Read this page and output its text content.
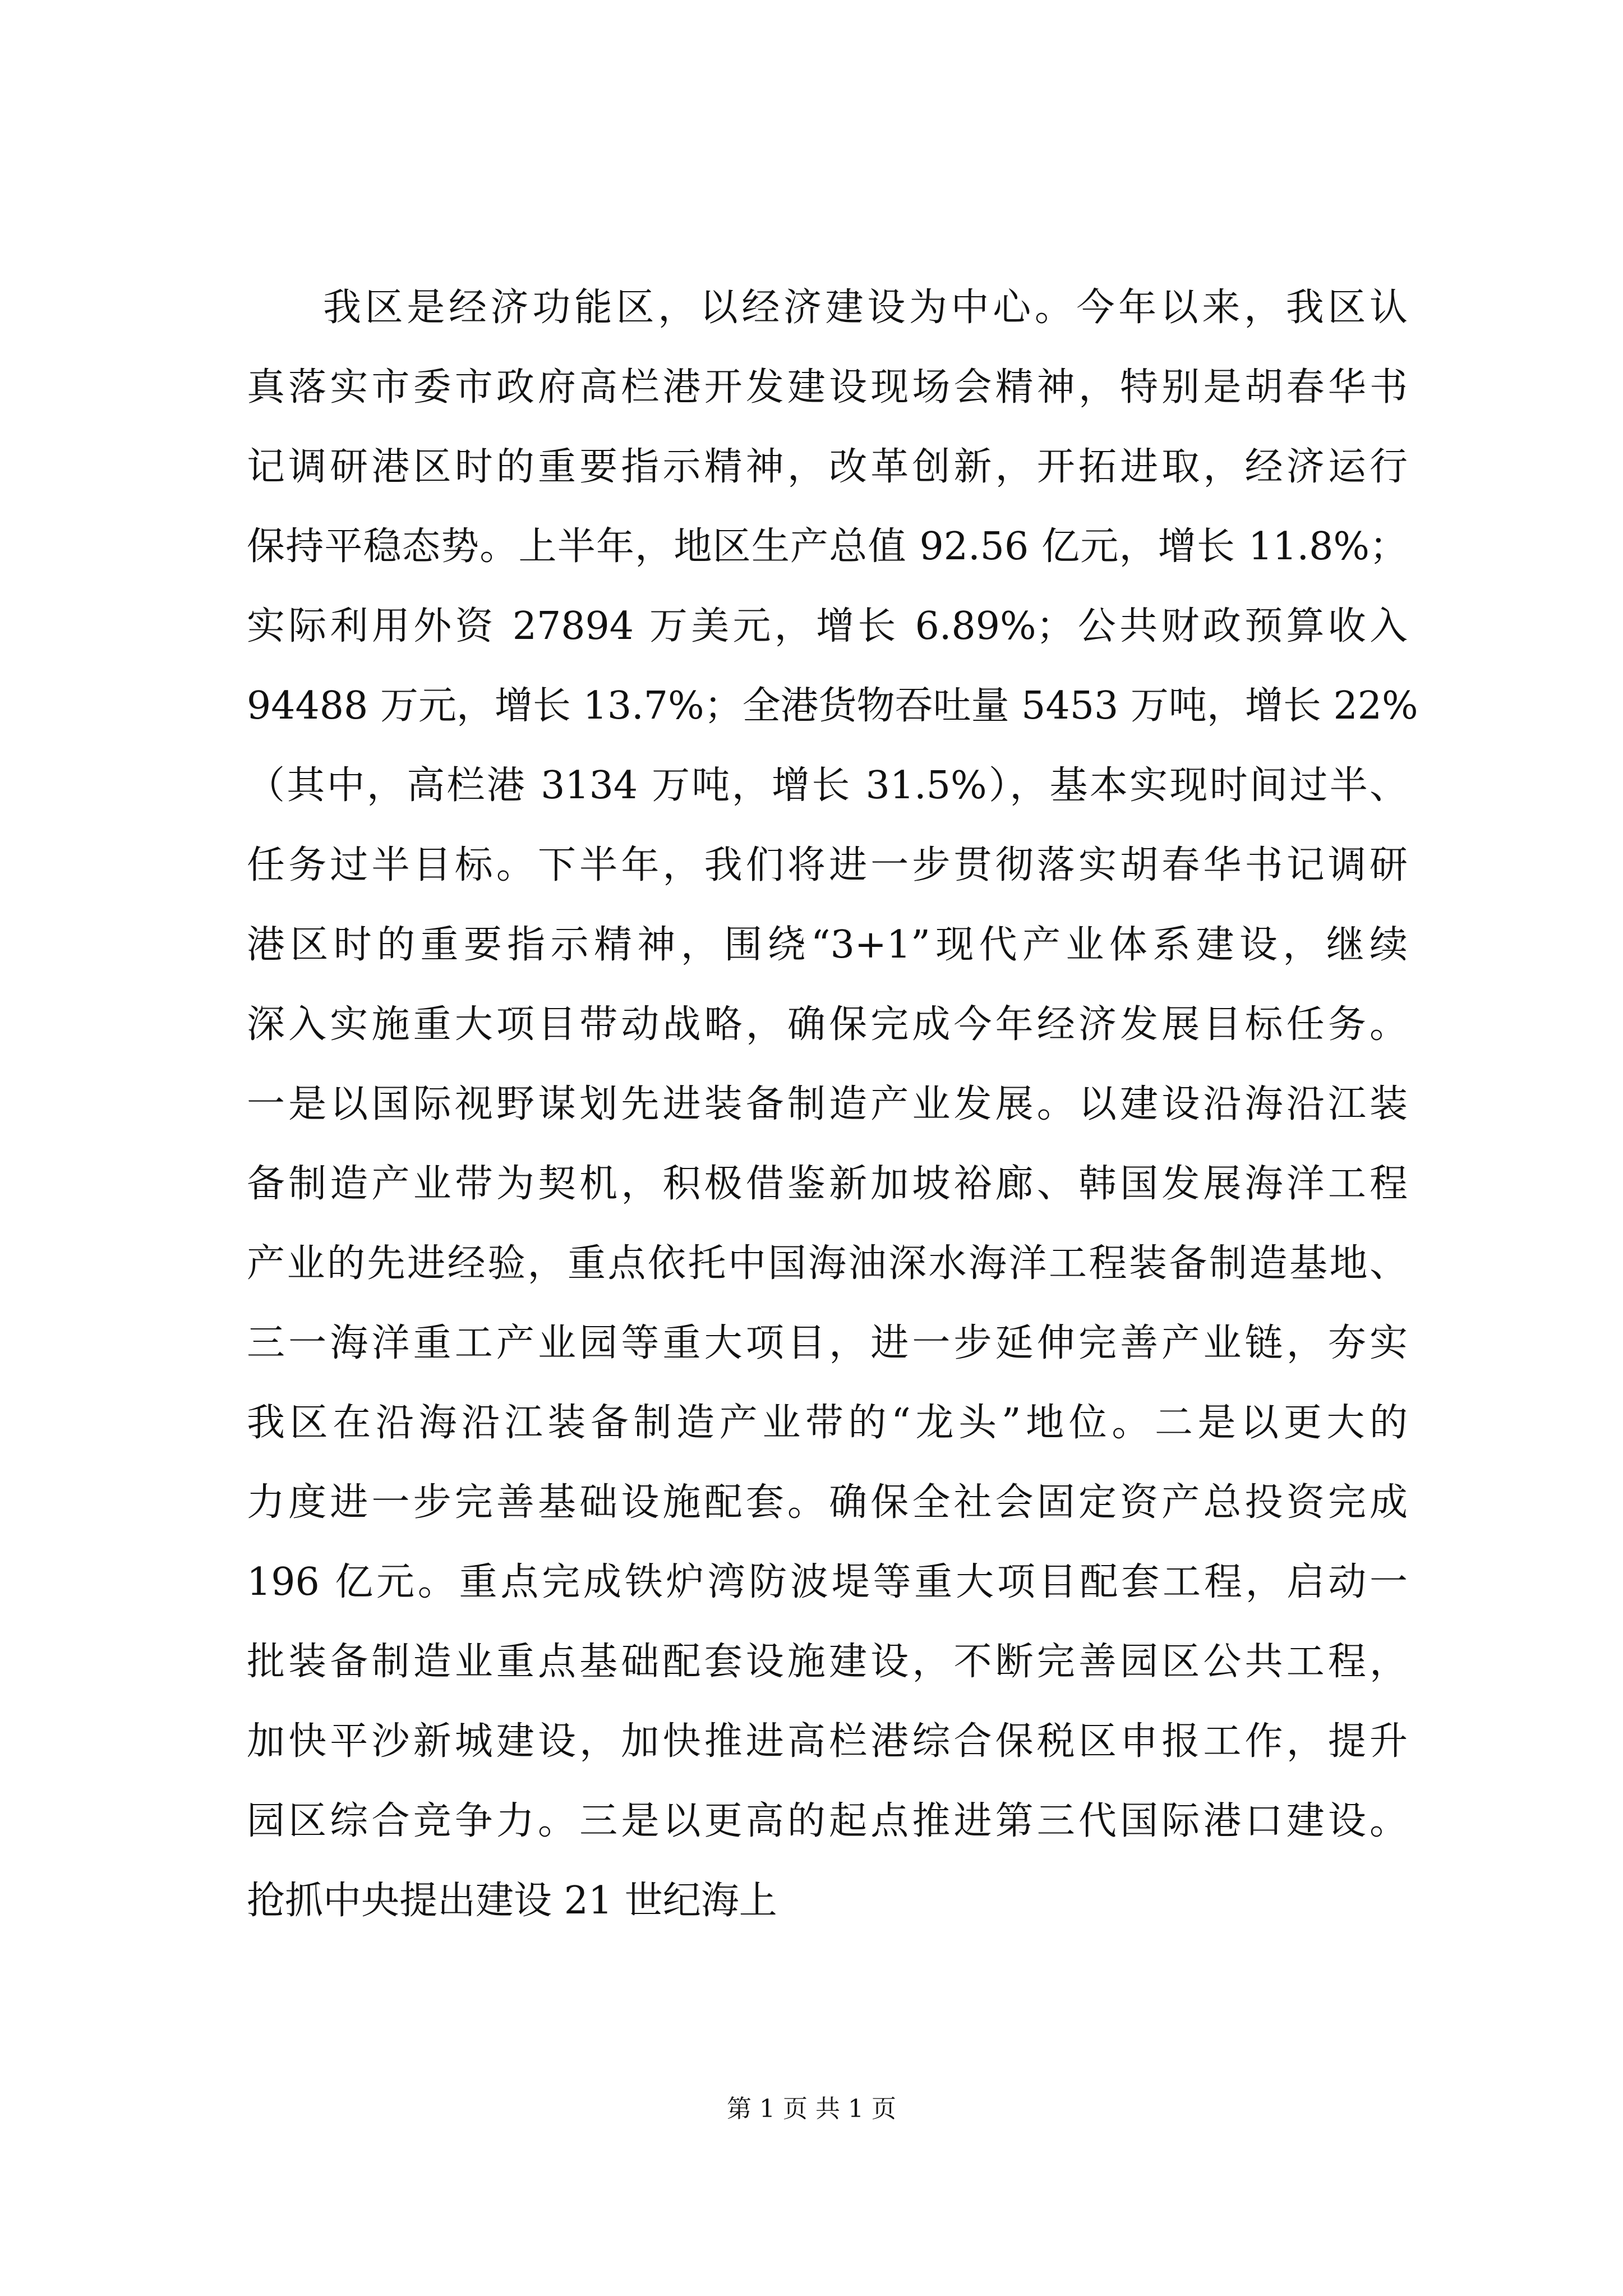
我区是经济功能区，以经济建设为中心。今年以来，我区认
真落实市委市政府高栏港开发建设现场会精神，特别是胡春华书
记调研港区时的重要指示精神，改革创新，开拓进取，经济运行
保持平稳态势。上半年，地区生产总值 92.56 亿元，增长 11.8%；
实际利用外资 27894 万美元，增长 6.89%；公共财政预算收入
94488 万元，增长 13.7%；全港货物吞吐量 5453 万吨，增长 22%
（其中，高栏港 3134 万吨，增长 31.5%），基本实现时间过半、
任务过半目标。下半年，我们将进一步贯彻落实胡春华书记调研
港区时的重要指示精神，围绕“3+1”现代产业体系建设，继续
深入实施重大项目带动战略，确保完成今年经济发展目标任务。
一是以国际视野谋划先进装备制造产业发展。以建设沿海沿江装
备制造产业带为契机，积极借鉴新加坡裕廊、韩国发展海洋工程
产业的先进经验，重点依托中国海油深水海洋工程装备制造基地、
三一海洋重工产业园等重大项目，进一步延伸完善产业链，夯实
我区在沿海沿江装备制造产业带的“龙头”地位。二是以更大的
力度进一步完善基础设施配套。确保全社会固定资产总投资完成
196 亿元。重点完成铁炉湾防波堤等重大项目配套工程，启动一
批装备制造业重点基础配套设施建设，不断完善园区公共工程，
加快平沙新城建设，加快推进高栏港综合保税区申报工作，提升
园区综合竞争力。三是以更高的起点推进第三代国际港口建设。
抢抓中央提出建设 21 世纪海上
第 1 页 共 1 页
